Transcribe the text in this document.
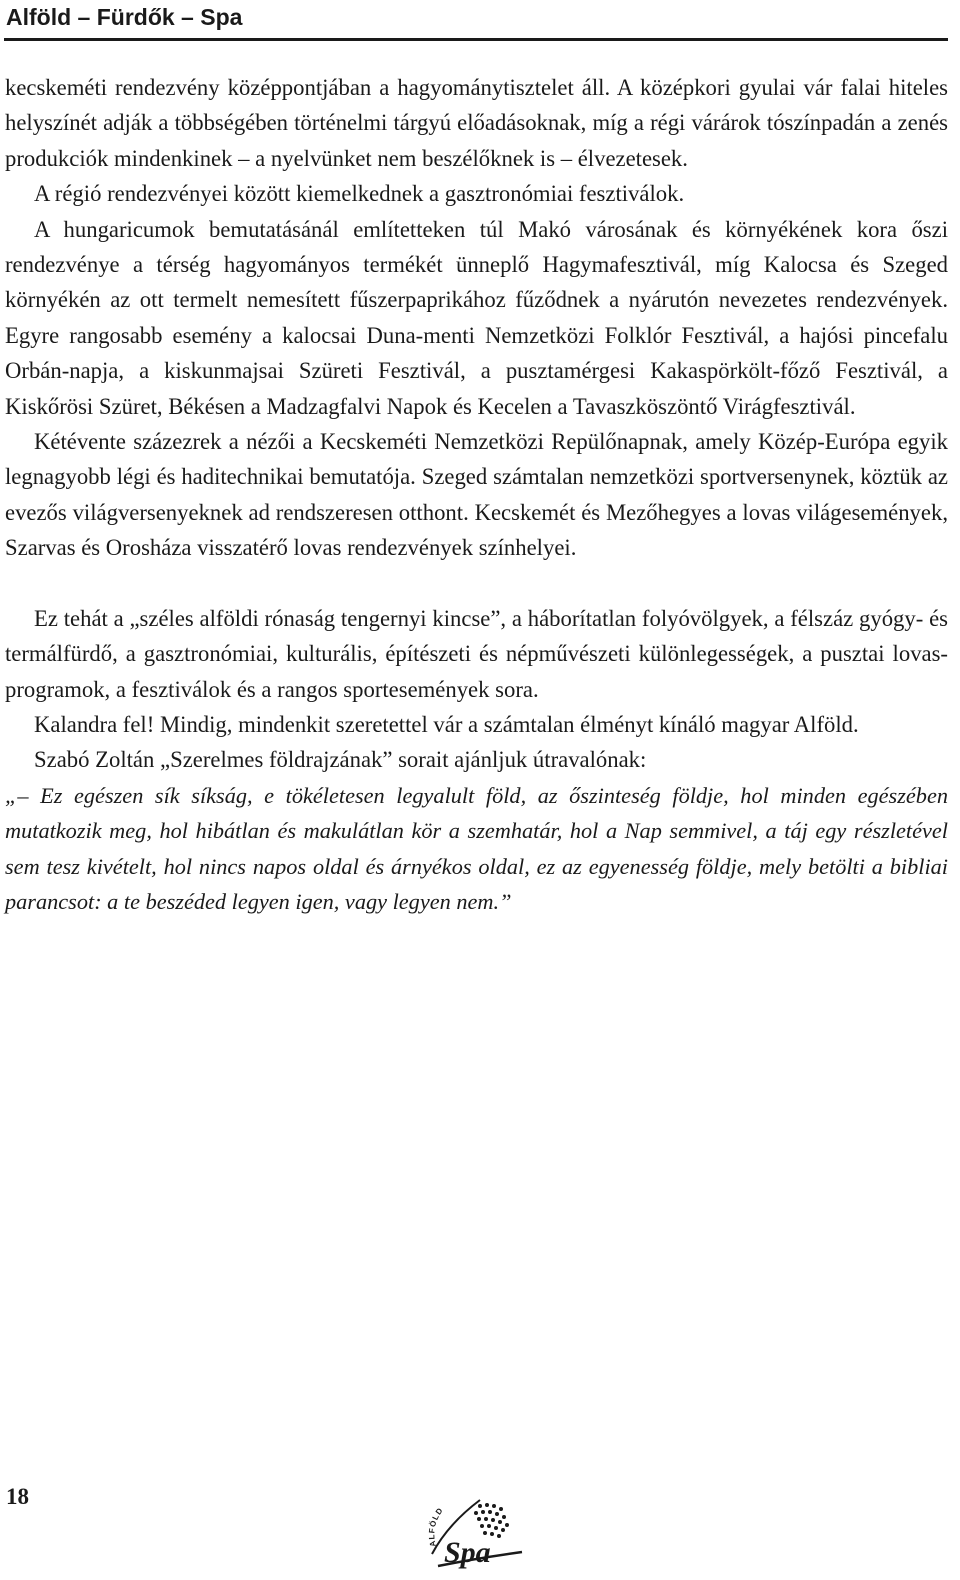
Alföld – Fürdők – Spa

kecskeméti rendezvény középpontjában a hagyománytisztelet áll. A középkori gyulai vár falai hiteles helyszínét adják a többségében történelmi tárgyú előadásoknak, míg a régi várárok tószínpadán a zenés produkciók mindenkinek – a nyelvünket nem beszélőknek is – élvezetesek.

A régió rendezvényei között kiemelkednek a gasztronómiai fesztiválok.

A hungaricumok bemutatásánál említetteken túl Makó városának és környékének kora őszi rendezvénye a térség hagyományos termékét ünneplő Hagymafesztivál, míg Kalocsa és Szeged környékén az ott termelt nemesített fűszerpaprikához fűződnek a nyárutón nevezetes rendezvények. Egyre rangosabb esemény a kalocsai Duna-menti Nemzetközi Folklór Fesztivál, a hajósi pincefalu Orbán-napja, a kiskunmajsai Szüreti Fesztivál, a pusztamérgesi Kakaspörkölt-főző Fesztivál, a Kiskőrösi Szüret, Békésen a Madzagfalvi Napok és Kecelen a Tavaszköszöntő Virágfesztivál.

Kétévente százezrek a nézői a Kecskeméti Nemzetközi Repülőnapnak, amely Közép-Európa egyik legnagyobb légi és haditechnikai bemutatója. Szeged számtalan nemzetközi sportversenynek, köztük az evezős világversenyeknek ad rendszeresen otthont. Kecskemét és Mezőhegyes a lovas világesemények, Szarvas és Orosháza visszatérő lovas rendezvények színhelyei.

Ez tehát a „széles alföldi rónaság tengernyi kincse”, a háborítatlan folyóvölgyek, a félszáz gyógy- és termálfürdő, a gasztronómiai, kulturális, építészeti és népművészeti különlegességek, a pusztai lovas-programok, a fesztiválok és a rangos sportesemények sora.

Kalandra fel! Mindig, mindenkit szeretettel vár a számtalan élményt kínáló magyar Alföld.

Szabó Zoltán „Szerelmes földrajzának” sorait ajánljuk útravalónak:

„– Ez egészen sík síkság, e tökéletesen legyalult föld, az őszinteség földje, hol minden egészében mutatkozik meg, hol hibátlan és makulátlan kör a szemhatár, hol a Nap semmivel, a táj egy részletével sem tesz kivételt, hol nincs napos oldal és árnyékos oldal, ez az egyenesség földje, mely betölti a bibliai parancsot: a te beszéded legyen igen, vagy legyen nem.”

18
ALFÖLD
Spa
